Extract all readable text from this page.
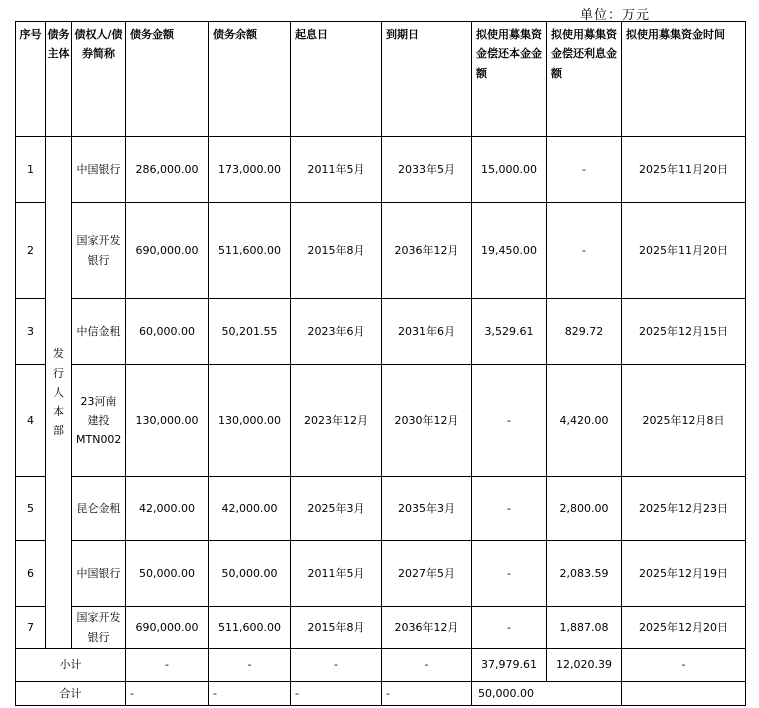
单位：万元
序号	债务主体	债权人/债券简称	债务金额	债务余额	起息日	到期日	拟使用募集资金偿还本金金额	拟使用募集资金偿还利息金额	拟使用募集资金时间
1	发行人本部	中国银行	286,000.00	173,000.00	2011年5月	2033年5月	15,000.00	-	2025年11月20日
2		国家开发银行	690,000.00	511,600.00	2015年8月	2036年12月	19,450.00	-	2025年11月20日
3		中信金租	60,000.00	50,201.55	2023年6月	2031年6月	3,529.61	829.72	2025年12月15日
4		23河南建投MTN002	130,000.00	130,000.00	2023年12月	2030年12月	-	4,420.00	2025年12月8日
5		昆仑金租	42,000.00	42,000.00	2025年3月	2035年3月	-	2,800.00	2025年12月23日
6		中国银行	50,000.00	50,000.00	2011年5月	2027年5月	-	2,083.59	2025年12月19日
7		国家开发银行	690,000.00	511,600.00	2015年8月	2036年12月	-	1,887.08	2025年12月20日
小计			-	-	-	-	37,979.61	12,020.39	-
合计			-	-	-	-	50,000.00		
